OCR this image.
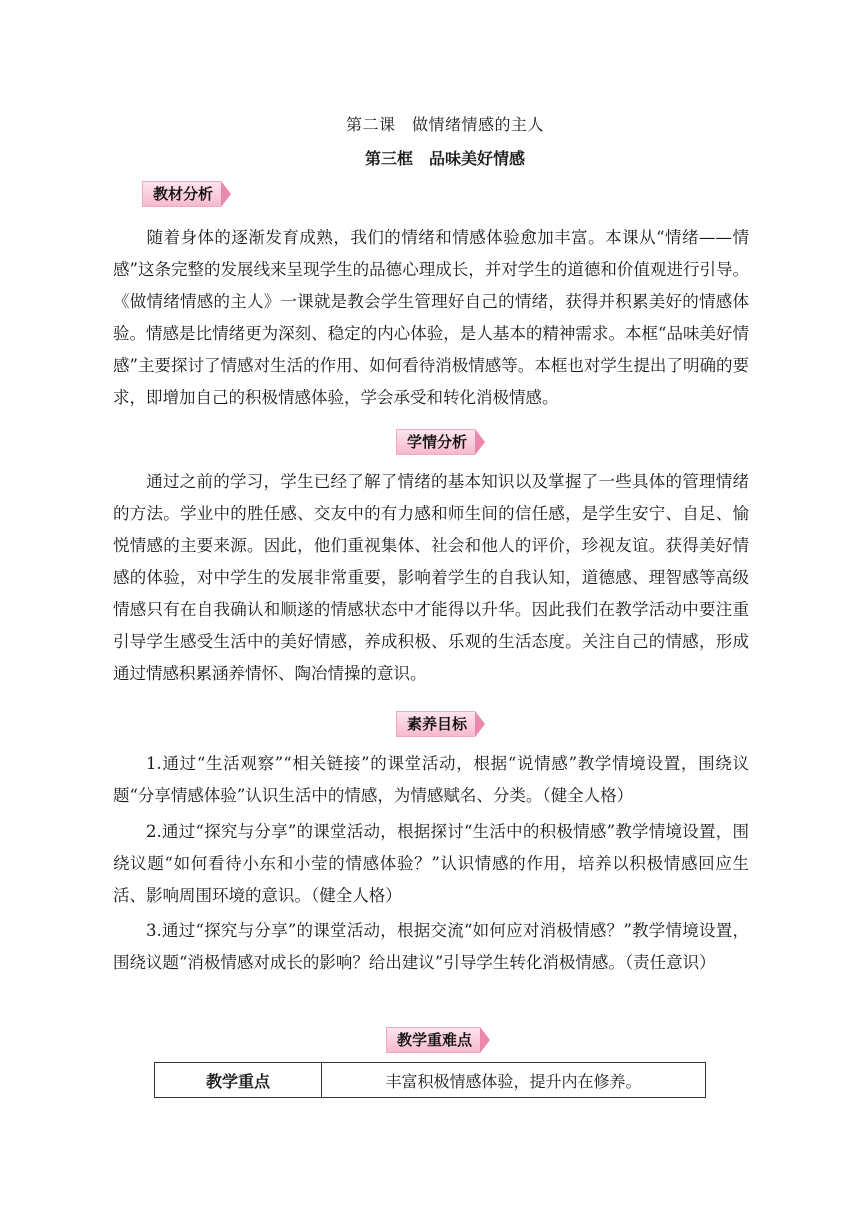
第二课　做情绪情感的主人
第三框　品味美好情感
教材分析

随着身体的逐渐发育成熟，我们的情绪和情感体验愈加丰富。本课从“情绪——情感”这条完整的发展线来呈现学生的品德心理成长，并对学生的道德和价值观进行引导。《做情绪情感的主人》一课就是教会学生管理好自己的情绪，获得并积累美好的情感体验。情感是比情绪更为深刻、稳定的内心体验，是人基本的精神需求。本框“品味美好情感”主要探讨了情感对生活的作用、如何看待消极情感等。本框也对学生提出了明确的要求，即增加自己的积极情感体验，学会承受和转化消极情感。

学情分析

通过之前的学习，学生已经了解了情绪的基本知识以及掌握了一些具体的管理情绪的方法。学业中的胜任感、交友中的有力感和师生间的信任感，是学生安宁、自足、愉悦情感的主要来源。因此，他们重视集体、社会和他人的评价，珍视友谊。获得美好情感的体验，对中学生的发展非常重要，影响着学生的自我认知，道德感、理智感等高级情感只有在自我确认和顺遂的情感状态中才能得以升华。因此我们在教学活动中要注重引导学生感受生活中的美好情感，养成积极、乐观的生活态度。关注自己的情感，形成通过情感积累涵养情怀、陶冶情操的意识。

素养目标

1.通过“生活观察”“相关链接”的课堂活动，根据“说情感”教学情境设置，围绕议题“分享情感体验”认识生活中的情感，为情感赋名、分类。（健全人格）

2.通过“探究与分享”的课堂活动，根据探讨“生活中的积极情感”教学情境设置，围绕议题“如何看待小东和小莹的情感体验？”认识情感的作用，培养以积极情感回应生活、影响周围环境的意识。（健全人格）

3.通过“探究与分享”的课堂活动，根据交流“如何应对消极情感？”教学情境设置，围绕议题“消极情感对成长的影响？给出建议”引导学生转化消极情感。（责任意识）

教学重难点
教学重点	丰富积极情感体验，提升内在修养。
